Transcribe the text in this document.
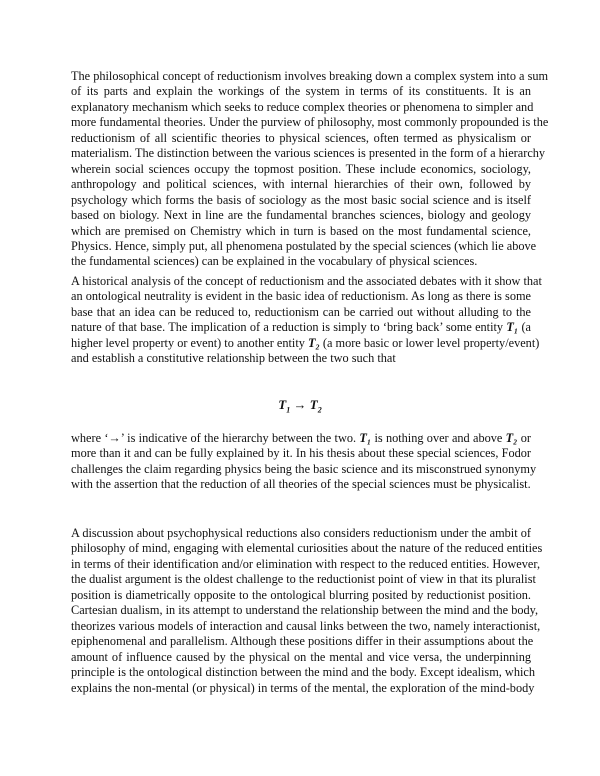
The philosophical concept of reductionism involves breaking down a complex system into a sum
of its parts and explain the workings of the system in terms of its constituents. It is an
explanatory mechanism which seeks to reduce complex theories or phenomena to simpler and
more fundamental theories. Under the purview of philosophy, most commonly propounded is the
reductionism of all scientific theories to physical sciences, often termed as physicalism or
materialism. The distinction between the various sciences is presented in the form of a hierarchy
wherein social sciences occupy the topmost position. These include economics, sociology,
anthropology and political sciences, with internal hierarchies of their own, followed by
psychology which forms the basis of sociology as the most basic social science and is itself
based on biology. Next in line are the fundamental branches sciences, biology and geology
which are premised on Chemistry which in turn is based on the most fundamental science,
Physics. Hence, simply put, all phenomena postulated by the special sciences (which lie above
the fundamental sciences) can be explained in the vocabulary of physical sciences.
A historical analysis of the concept of reductionism and the associated debates with it show that
an ontological neutrality is evident in the basic idea of reductionism. As long as there is some
base that an idea can be reduced to, reductionism can be carried out without alluding to the
nature of that base. The implication of a reduction is simply to ‘bring back’ some entity T₁ (a
higher level property or event) to another entity T₂ (a more basic or lower level property/event)
and establish a constitutive relationship between the two such that
$T_1 \to T_2$
where ‘→’ is indicative of the hierarchy between the two. T₁ is nothing over and above T₂ or
more than it and can be fully explained by it. In his thesis about these special sciences, Fodor
challenges the claim regarding physics being the basic science and its misconstrued synonymy
with the assertion that the reduction of all theories of the special sciences must be physicalist.
A discussion about psychophysical reductions also considers reductionism under the ambit of
philosophy of mind, engaging with elemental curiosities about the nature of the reduced entities
in terms of their identification and/or elimination with respect to the reduced entities. However,
the dualist argument is the oldest challenge to the reductionist point of view in that its pluralist
position is diametrically opposite to the ontological blurring posited by reductionist position.
Cartesian dualism, in its attempt to understand the relationship between the mind and the body,
theorizes various models of interaction and causal links between the two, namely interactionist,
epiphenomenal and parallelism. Although these positions differ in their assumptions about the
amount of influence caused by the physical on the mental and vice versa, the underpinning
principle is the ontological distinction between the mind and the body. Except idealism, which
explains the non-mental (or physical) in terms of the mental, the exploration of the mind-body
